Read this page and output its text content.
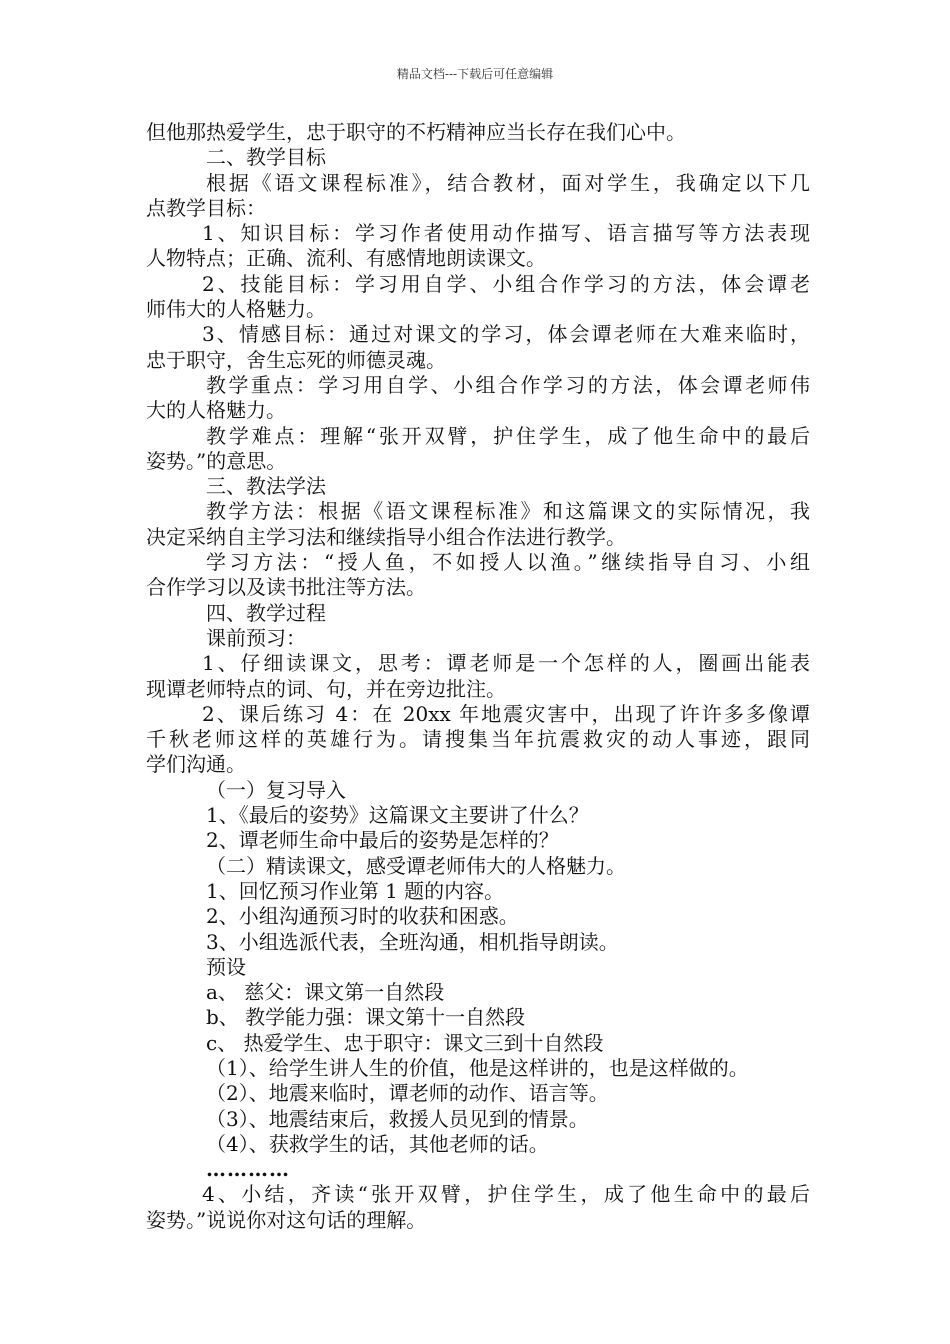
精品文档---下载后可任意编辑
但他那热爱学生，忠于职守的不朽精神应当长存在我们心中。
二、教学目标
根据《语文课程标准》，结合教材，面对学生，我确定以下几
点教学目标：
1、知识目标：学习作者使用动作描写、语言描写等方法表现
人物特点；正确、流利、有感情地朗读课文。
2、技能目标：学习用自学、小组合作学习的方法，体会谭老
师伟大的人格魅力。
3、情感目标：通过对课文的学习，体会谭老师在大难来临时，
忠于职守，舍生忘死的师德灵魂。
教学重点：学习用自学、小组合作学习的方法，体会谭老师伟
大的人格魅力。
教学难点：理解“张开双臂，护住学生，成了他生命中的最后
姿势。”的意思。
三、教法学法
教学方法：根据《语文课程标准》和这篇课文的实际情况，我
决定采纳自主学习法和继续指导小组合作法进行教学。
学习方法：“授人鱼，不如授人以渔。”继续指导自习、小组
合作学习以及读书批注等方法。
四、教学过程
课前预习：
1、仔细读课文，思考：谭老师是一个怎样的人，圈画出能表
现谭老师特点的词、句，并在旁边批注。
2、课后练习 4：在 20xx 年地震灾害中，出现了许许多多像谭
千秋老师这样的英雄行为。请搜集当年抗震救灾的动人事迹，跟同
学们沟通。
（一）复习导入
1、《最后的姿势》这篇课文主要讲了什么？
2、谭老师生命中最后的姿势是怎样的？
（二）精读课文，感受谭老师伟大的人格魅力。
1、回忆预习作业第 1 题的内容。
2、小组沟通预习时的收获和困惑。
3、小组选派代表，全班沟通，相机指导朗读。
预设
a、 慈父：课文第一自然段
b、 教学能力强：课文第十一自然段
c、 热爱学生、忠于职守：课文三到十自然段
（1）、给学生讲人生的价值，他是这样讲的，也是这样做的。
（2）、地震来临时，谭老师的动作、语言等。
（3）、地震结束后，救援人员见到的情景。
（4）、获救学生的话，其他老师的话。
…………
4、小结，齐读“张开双臂，护住学生，成了他生命中的最后
姿势。”说说你对这句话的理解。
